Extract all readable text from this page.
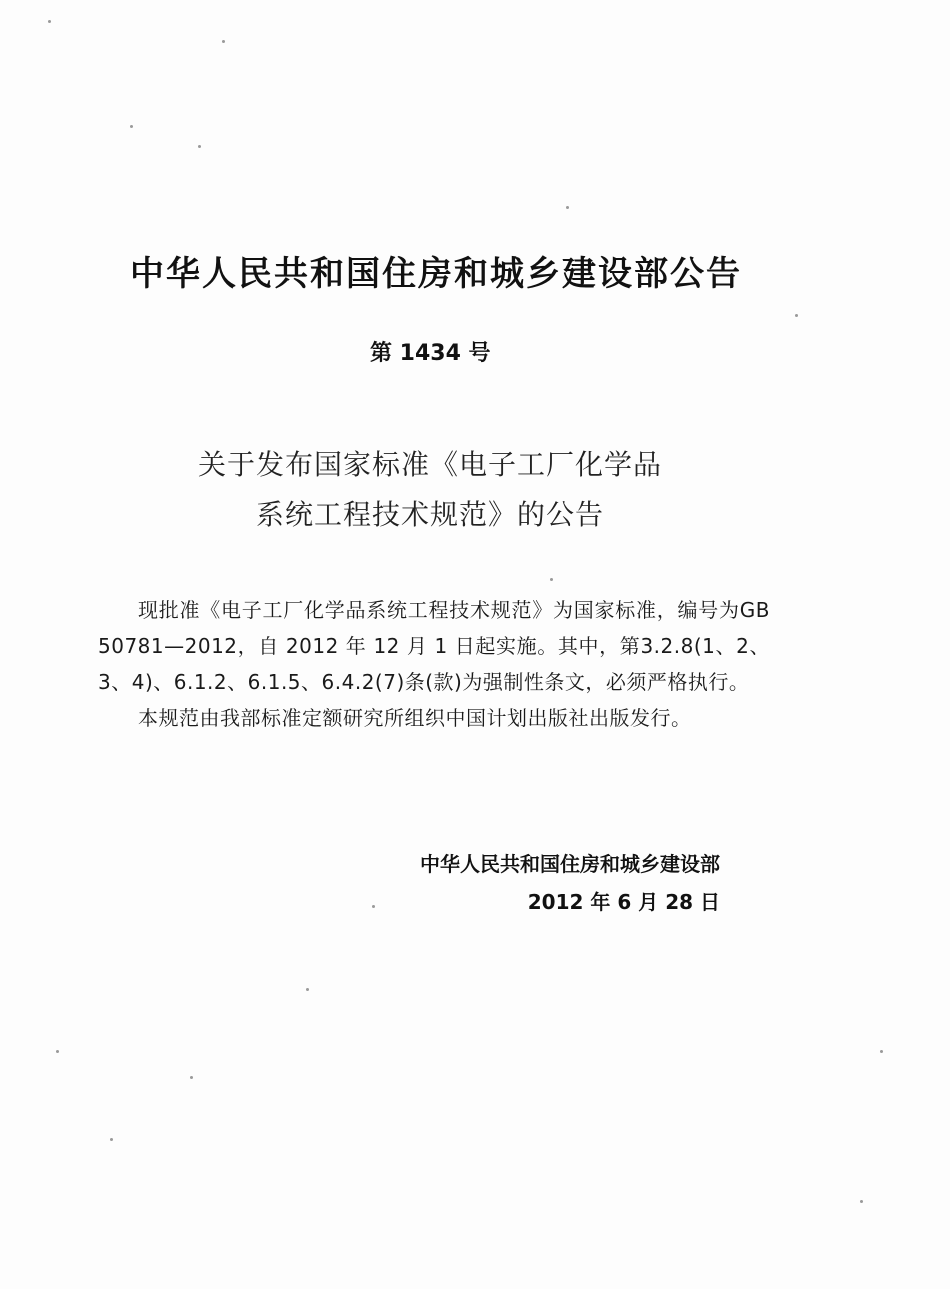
中华人民共和国住房和城乡建设部公告
第 1434 号
关于发布国家标准《电子工厂化学品
系统工程技术规范》的公告

现批准《电子工厂化学品系统工程技术规范》为国家标准，编号为GB 50781—2012，自 2012 年 12 月 1 日起实施。其中，第3.2.8(1、2、3、4)、6.1.2、6.1.5、6.4.2(7)条(款)为强制性条文，必须严格执行。

本规范由我部标准定额研究所组织中国计划出版社出版发行。

中华人民共和国住房和城乡建设部
2012 年 6 月 28 日
